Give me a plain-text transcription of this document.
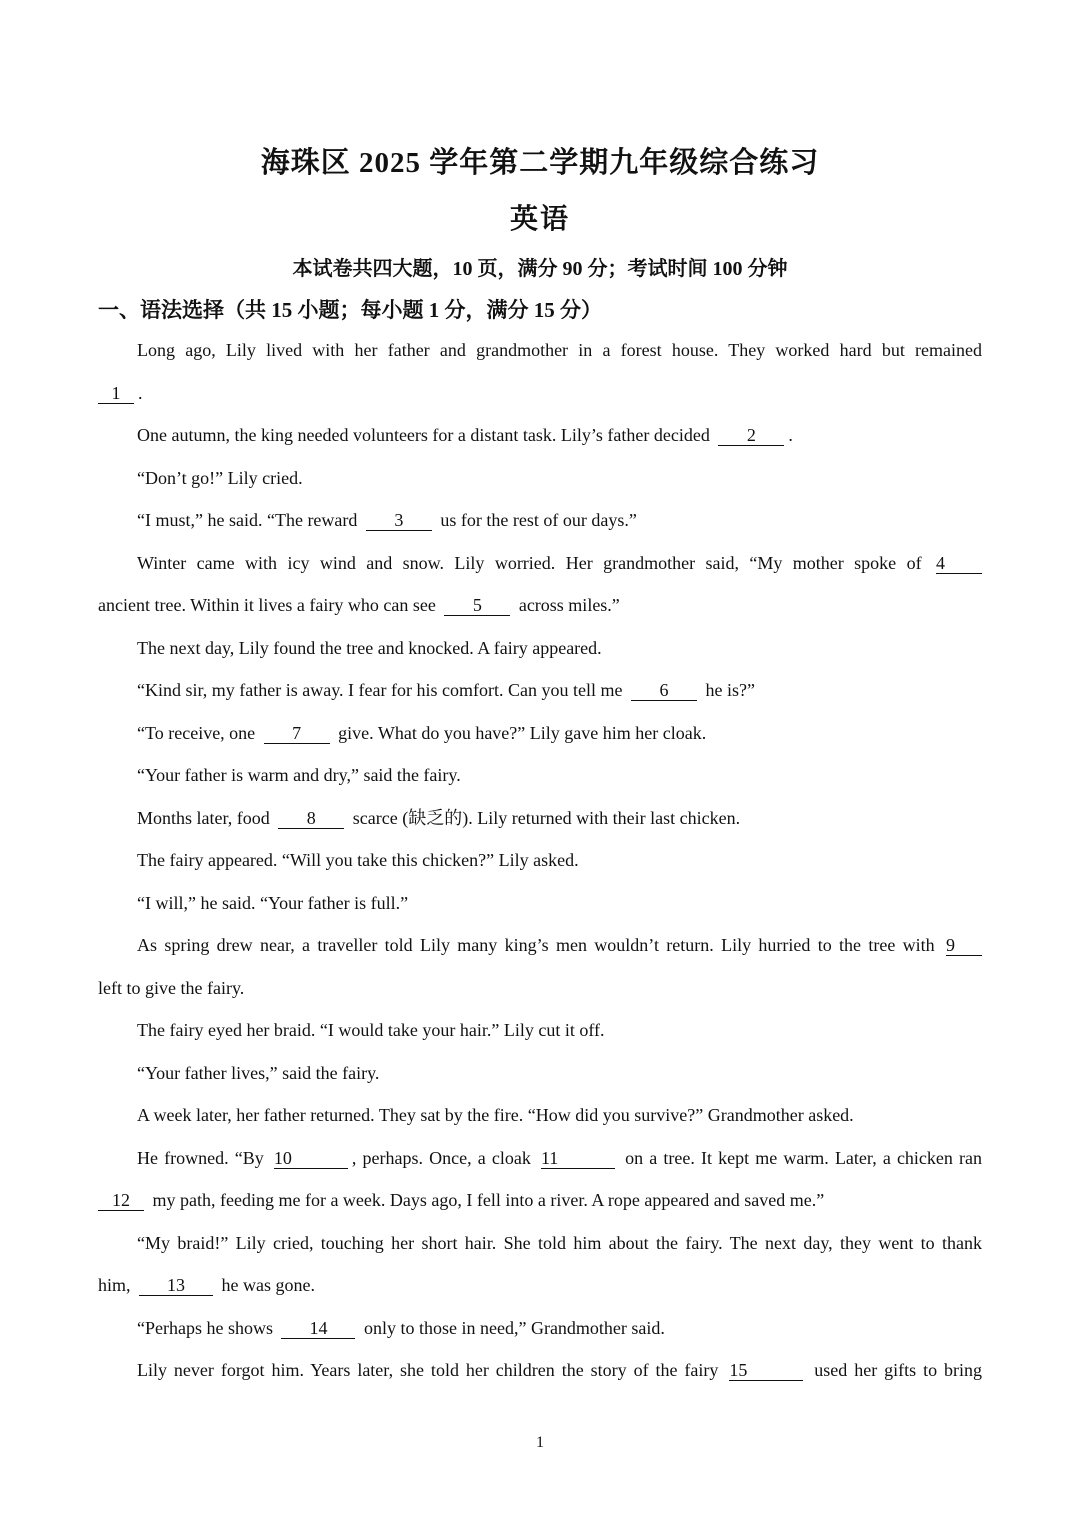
海珠区 2025 学年第二学期九年级综合练习
英语
本试卷共四大题，10 页，满分 90 分；考试时间 100 分钟
一、语法选择（共 15 小题；每小题 1 分，满分 15 分）
Long ago, Lily lived with her father and grandmother in a forest house. They worked hard but remained
1 .
One autumn, the king needed volunteers for a distant task. Lily’s father decided 2 .
“Don’t go!” Lily cried.
“I must,” he said. “The reward 3 us for the rest of our days.”
Winter came with icy wind and snow. Lily worried. Her grandmother said, “My mother spoke of 4
ancient tree. Within it lives a fairy who can see 5 across miles.”
The next day, Lily found the tree and knocked. A fairy appeared.
“Kind sir, my father is away. I fear for his comfort. Can you tell me 6 he is?”
“To receive, one 7 give. What do you have?” Lily gave him her cloak.
“Your father is warm and dry,” said the fairy.
Months later, food 8 scarce (缺乏的). Lily returned with their last chicken.
The fairy appeared. “Will you take this chicken?” Lily asked.
“I will,” he said. “Your father is full.”
As spring drew near, a traveller told Lily many king’s men wouldn’t return. Lily hurried to the tree with 9
left to give the fairy.
The fairy eyed her braid. “I would take your hair.” Lily cut it off.
“Your father lives,” said the fairy.
A week later, her father returned. They sat by the fire. “How did you survive?” Grandmother asked.
He frowned. “By 10	, perhaps. Once, a cloak 11	on a tree. It kept me warm. Later, a chicken ran
12 my path, feeding me for a week. Days ago, I fell into a river. A rope appeared and saved me.”
“My braid!” Lily cried, touching her short hair. She told him about the fairy. The next day, they went to thank
him, 13 he was gone.
“Perhaps he shows 14 only to those in need,” Grandmother said.
Lily never forgot him. Years later, she told her children the story of the fairy 15	used her gifts to bring
1
